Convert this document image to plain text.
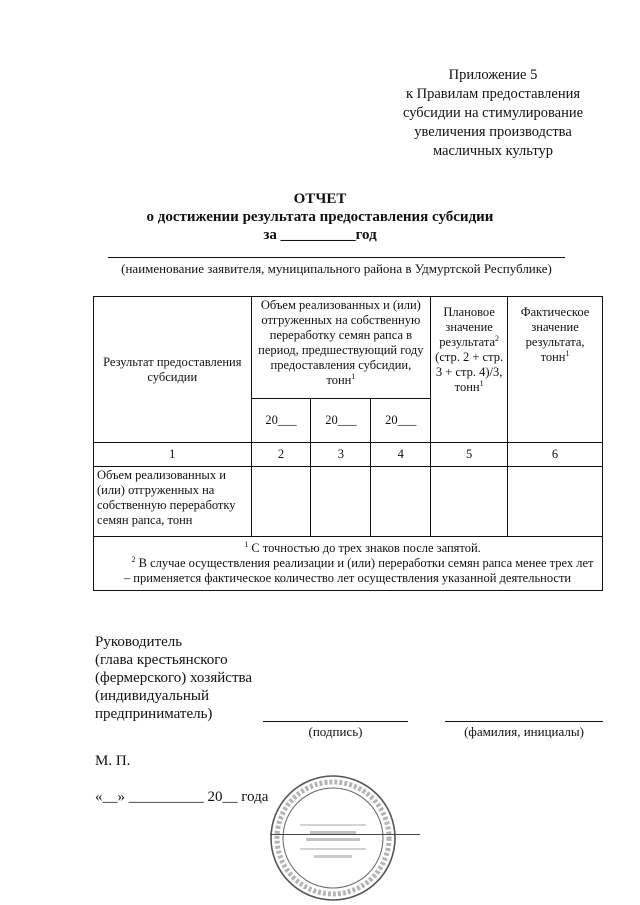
Приложение 5
к Правилам предоставления
субсидии на стимулирование
увеличения производства
масличных культур
ОТЧЕТ
о достижении результата предоставления субсидии
за __________год
(наименование заявителя, муниципального района в Удмуртской Республике)
Результат предоставления субсидии	Объем реализованных и (или) отгруженных на собственную переработку семян рапса в период, предшествующий году предоставления субсидии, тонн$^1$			Плановое значение результата$^2$ (стр. 2 + стр. 3 + стр. 4)/3, тонн$^1$	Фактическое значение результата, тонн$^1$
	20___	20___	20___		
1	2	3	4	5	6
Объем реализованных и (или) отгруженных на собственную переработку семян рапса, тонн					

$^1$ С точностью до трех знаков после запятой.
$^2$ В случае осуществления реализации и (или) переработки семян рапса менее трех лет – применяется фактическое количество лет осуществления указанной деятельности					
Руководитель
(глава крестьянского
(фермерского) хозяйства
(индивидуальный
предприниматель)
(подпись)	(фамилия, инициалы)
М. П.
«__» __________ 20__ года
